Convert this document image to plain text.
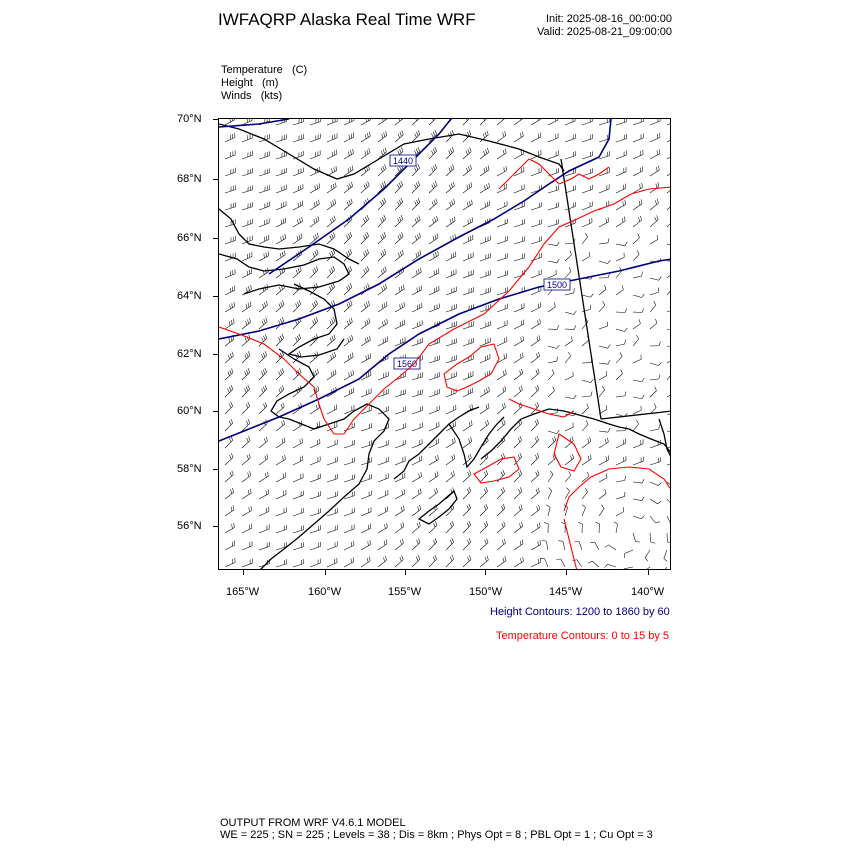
IWFAQRP Alaska Real Time WRF	Init: 2025-08-16_00:00:00
Valid: 2025-08-21_09:00:00
Temperature (C)
Height (m)
Winds (kts)
70°N
68°N
66°N
64°N
62°N
60°N
58°N
56°N
165°W	160°W	155°W	150°W	145°W	140°W
1440
1500
1560
Height Contours: 1200 to 1860 by 60
Temperature Contours: 0 to 15 by 5
OUTPUT FROM WRF V4.6.1 MODEL
WE = 225 ; SN = 225 ; Levels = 38 ; Dis = 8km ; Phys Opt = 8 ; PBL Opt = 1 ; Cu Opt = 3
